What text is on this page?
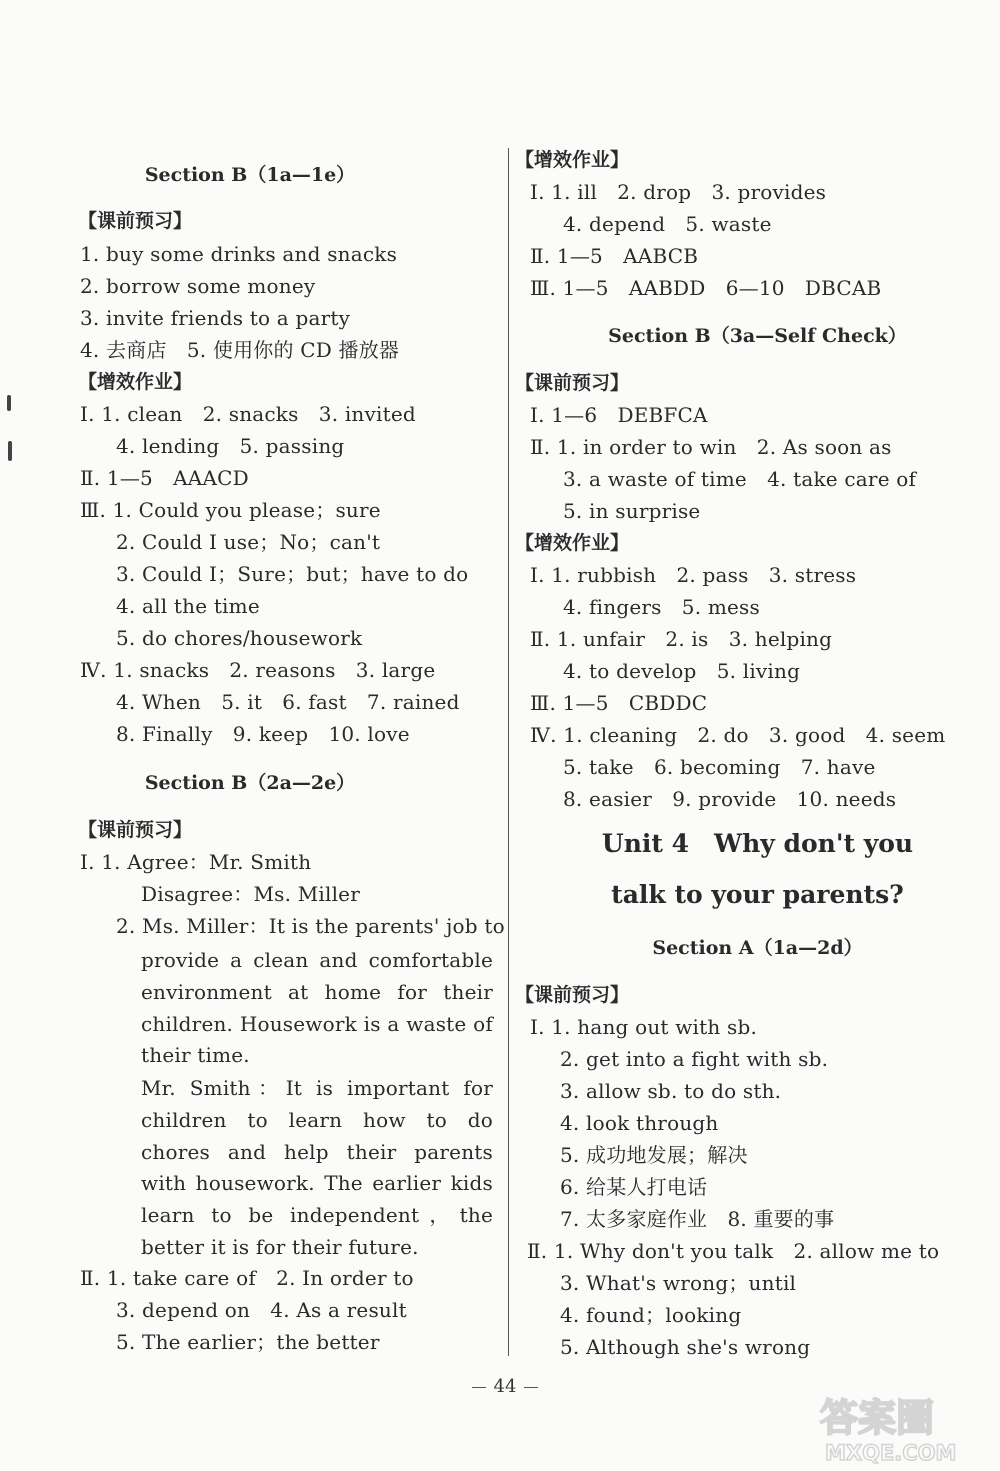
Section B（1a—1e）
【课前预习】
1. buy some drinks and snacks
2. borrow some money
3. invite friends to a party
4. 去商店　5. 使用你的 CD 播放器
【增效作业】
Ⅰ. 1. clean　2. snacks　3. invited
4. lending　5. passing
Ⅱ. 1—5　AAACD
Ⅲ. 1. Could you please；sure
2. Could I use；No；can't
3. Could I；Sure；but；have to do
4. all the time
5. do chores/housework
Ⅳ. 1. snacks　2. reasons　3. large
4. When　5. it　6. fast　7. rained
8. Finally　9. keep　10. love
Section B（2a—2e）
【课前预习】
Ⅰ. 1. Agree：Mr. Smith
Disagree：Ms. Miller
2. Ms. Miller：It is the parents' job to
provide a clean and comfortable environment at home for their children. Housework is a waste of their time.
Mr. Smith：It is important for children to learn how to do chores and help their parents with housework. The earlier kids learn to be independent，the better it is for their future.
Ⅱ. 1. take care of　2. In order to
3. depend on　4. As a result
5. The earlier；the better
【增效作业】
Ⅰ. 1. ill　2. drop　3. provides
4. depend　5. waste
Ⅱ. 1—5　AABCB
Ⅲ. 1—5　AABDD　6—10　DBCAB
Section B（3a—Self Check）
【课前预习】
Ⅰ. 1—6　DEBFCA
Ⅱ. 1. in order to win　2. As soon as
3. a waste of time　4. take care of
5. in surprise
【增效作业】
Ⅰ. 1. rubbish　2. pass　3. stress
4. fingers　5. mess
Ⅱ. 1. unfair　2. is　3. helping
4. to develop　5. living
Ⅲ. 1—5　CBDDC
Ⅳ. 1. cleaning　2. do　3. good　4. seem
5. take　6. becoming　7. have
8. easier　9. provide　10. needs
Unit 4　Why don't you
talk to your parents?
Section A（1a—2d）
【课前预习】
Ⅰ. 1. hang out with sb.
2. get into a fight with sb.
3. allow sb. to do sth.
4. look through
5. 成功地发展；解决
6. 给某人打电话
7. 太多家庭作业　8. 重要的事
Ⅱ. 1. Why don't you talk　2. allow me to
3. What's wrong；until
4. found；looking
5. Although she's wrong
44
答案圈
MXQE.COM
